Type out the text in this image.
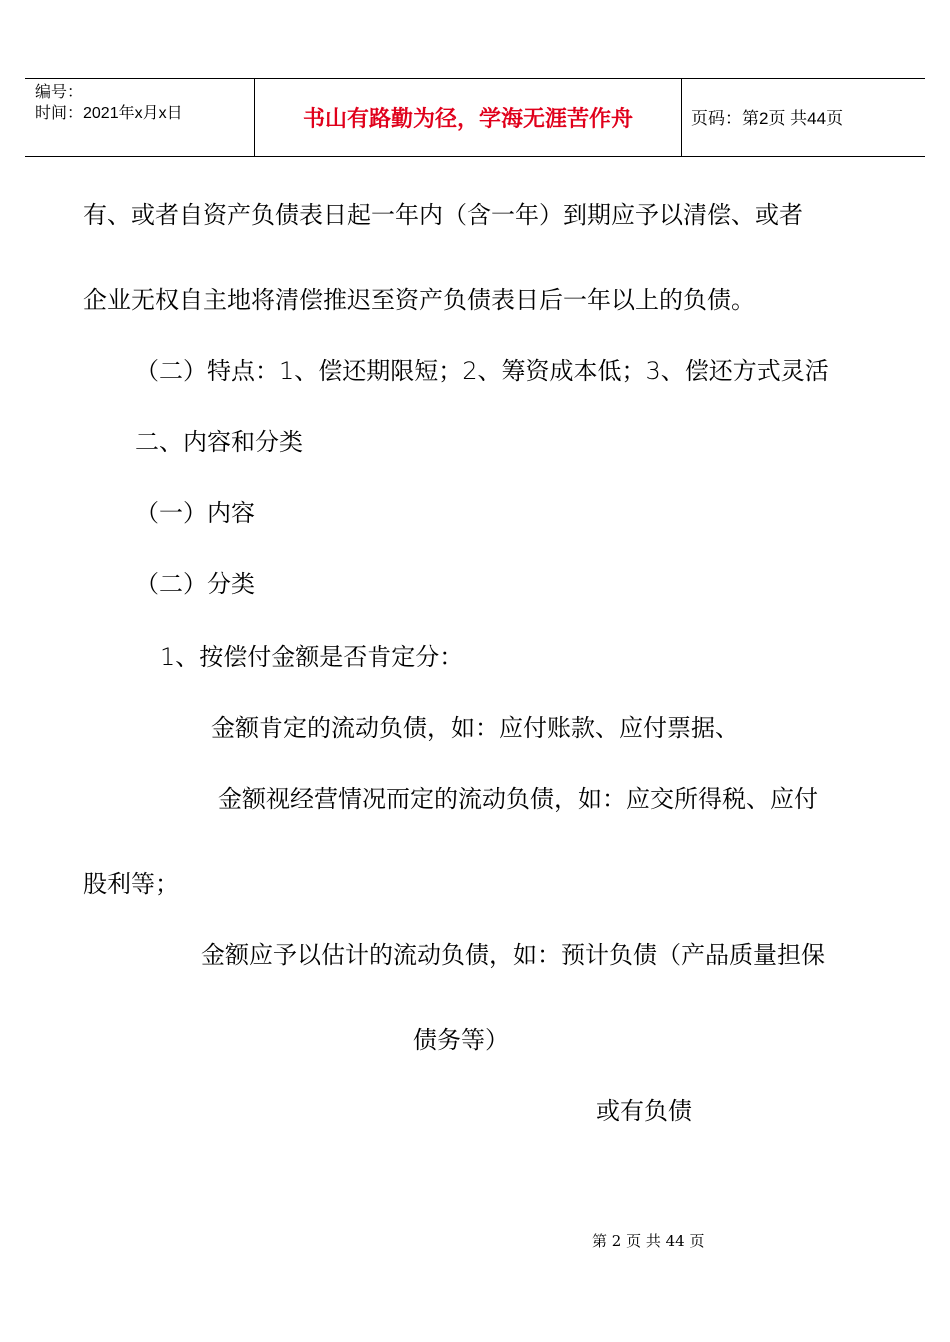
编号：
时间：2021年x月x日	书山有路勤为径，学海无涯苦作舟	页码：第2页 共44页
有、或者自资产负债表日起一年内（含一年）到期应予以清偿、或者
企业无权自主地将清偿推迟至资产负债表日后一年以上的负债。
（二）特点：1、偿还期限短；2、筹资成本低；3、偿还方式灵活
二、内容和分类
（一）内容
（二）分类
1、按偿付金额是否肯定分：
金额肯定的流动负债，如：应付账款、应付票据、
金额视经营情况而定的流动负债，如：应交所得税、应付
股利等；
金额应予以估计的流动负债，如：预计负债（产品质量担保
债务等）
或有负债
第 2 页 共 44 页
